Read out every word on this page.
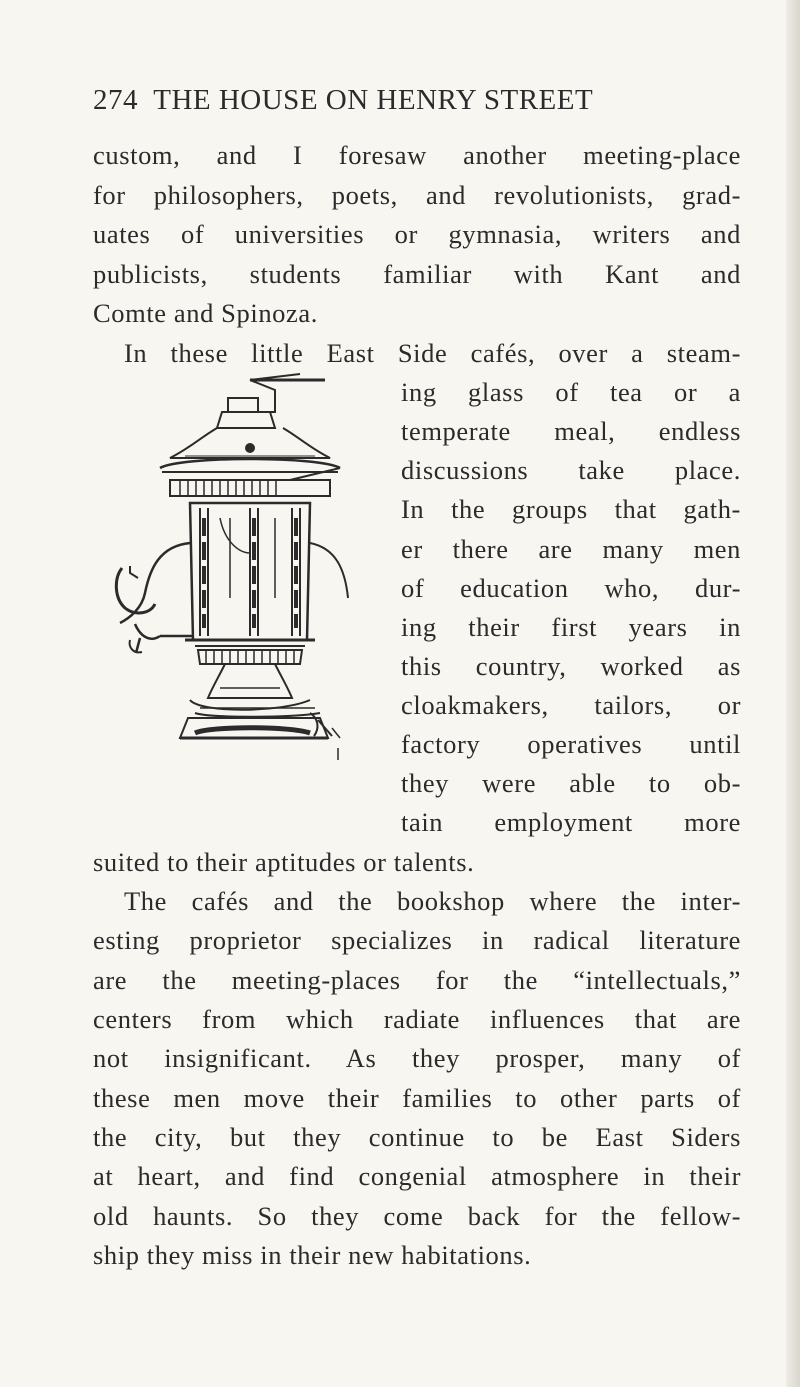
274 THE HOUSE ON HENRY STREET
custom, and I foresaw another meeting-place
for philosophers, poets, and revolutionists, grad-
uates of universities or gymnasia, writers and
publicists, students familiar with Kant and
Comte and Spinoza.
In these little East Side cafés, over a steam-
ing glass of tea or a
temperate meal, endless
discussions take place.
In the groups that gath-
er there are many men
of education who, dur-
ing their first years in
this country, worked as
cloakmakers, tailors, or
factory operatives until
they were able to ob-
tain employment more
suited to their aptitudes or talents.
The cafés and the bookshop where the inter-
esting proprietor specializes in radical literature
are the meeting-places for the “intellectuals,”
centers from which radiate influences that are
not insignificant. As they prosper, many of
these men move their families to other parts of
the city, but they continue to be East Siders
at heart, and find congenial atmosphere in their
old haunts. So they come back for the fellow-
ship they miss in their new habitations.
